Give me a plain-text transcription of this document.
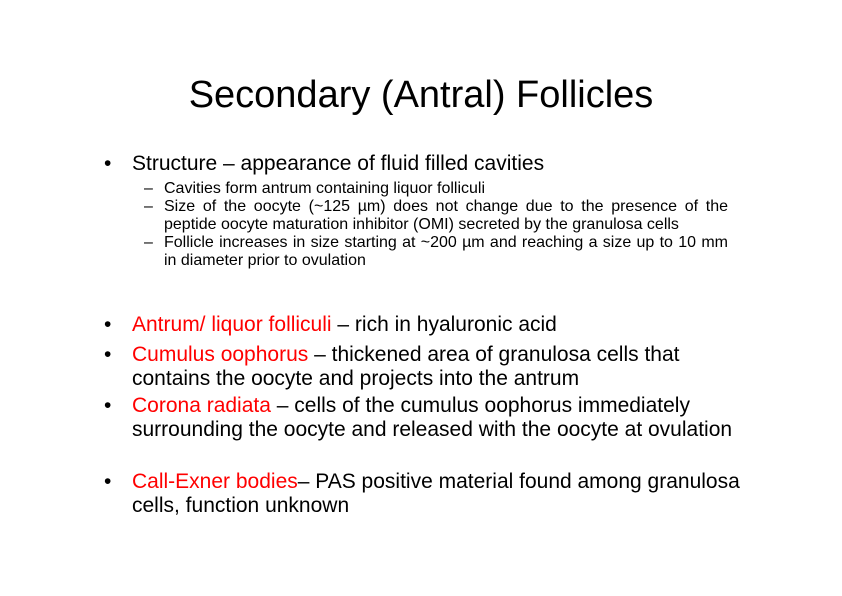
Secondary (Antral) Follicles
• Structure – appearance of fluid filled cavities
– Cavities form antrum containing liquor folliculi
– Size of the oocyte (~125 µm) does not change due to the presence of the peptide oocyte maturation inhibitor (OMI) secreted by the granulosa cells
– Follicle increases in size starting at ~200 µm and reaching a size up to 10 mm in diameter prior to ovulation
• Antrum/ liquor folliculi – rich in hyaluronic acid
• Cumulus oophorus – thickened area of granulosa cells that contains the oocyte and projects into the antrum
• Corona radiata – cells of the cumulus oophorus immediately surrounding the oocyte and released with the oocyte at ovulation
• Call-Exner bodies– PAS positive material found among granulosa cells, function unknown
